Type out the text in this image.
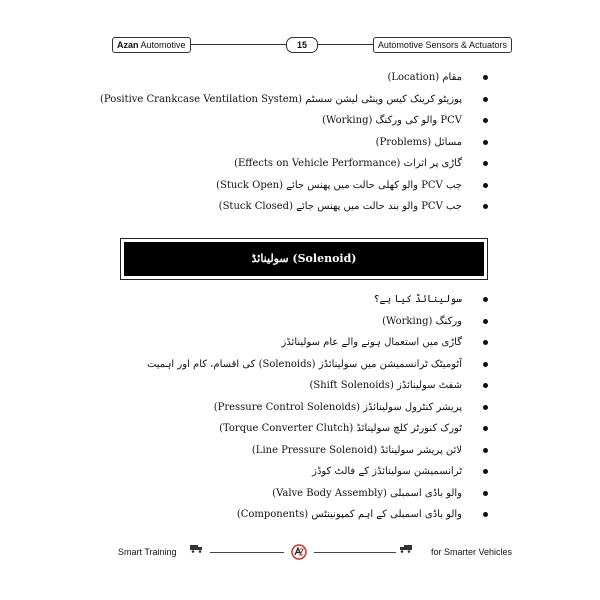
Azan Automotive	15	Automotive Sensors & Actuators
مقام (Location)
پوزیٹو کرینک کیس وینٹی لیشن سسٹم (Positive Crankcase Ventilation System)
PCV والو کی ورکنگ (Working)
مسائل (Problems)
گاڑی پر اثرات (Effects on Vehicle Performance)
جب PCV والو کھلی حالت میں پھنس جائے (Stuck Open)
جب PCV والو بند حالت میں پھنس جائے (Stuck Closed)
سولینائڈ (Solenoid)
سولینائڈ کیا ہے؟
ورکنگ (Working)
گاڑی میں استعمال ہونے والے عام سولینائڈز
آٹومیٹک ٹرانسمیشن میں سولینائڈز (Solenoids) کی اقسام، کام اور اہمیت
شفٹ سولینائڈز (Shift Solenoids)
پریشر کنٹرول سولینائڈز (Pressure Control Solenoids)
ٹورک کنورٹر کلچ سولینائڈ (Torque Converter Clutch)
لائن پریشر سولینائڈ (Line Pressure Solenoid)
ٹرانسمیشن سولینائڈز کے فالٹ کوڈز
والو باڈی اسمبلی (Valve Body Assembly)
والو باڈی اسمبلی کے اہم کمپونینٹس (Components)
Smart Training	for Smarter Vehicles
